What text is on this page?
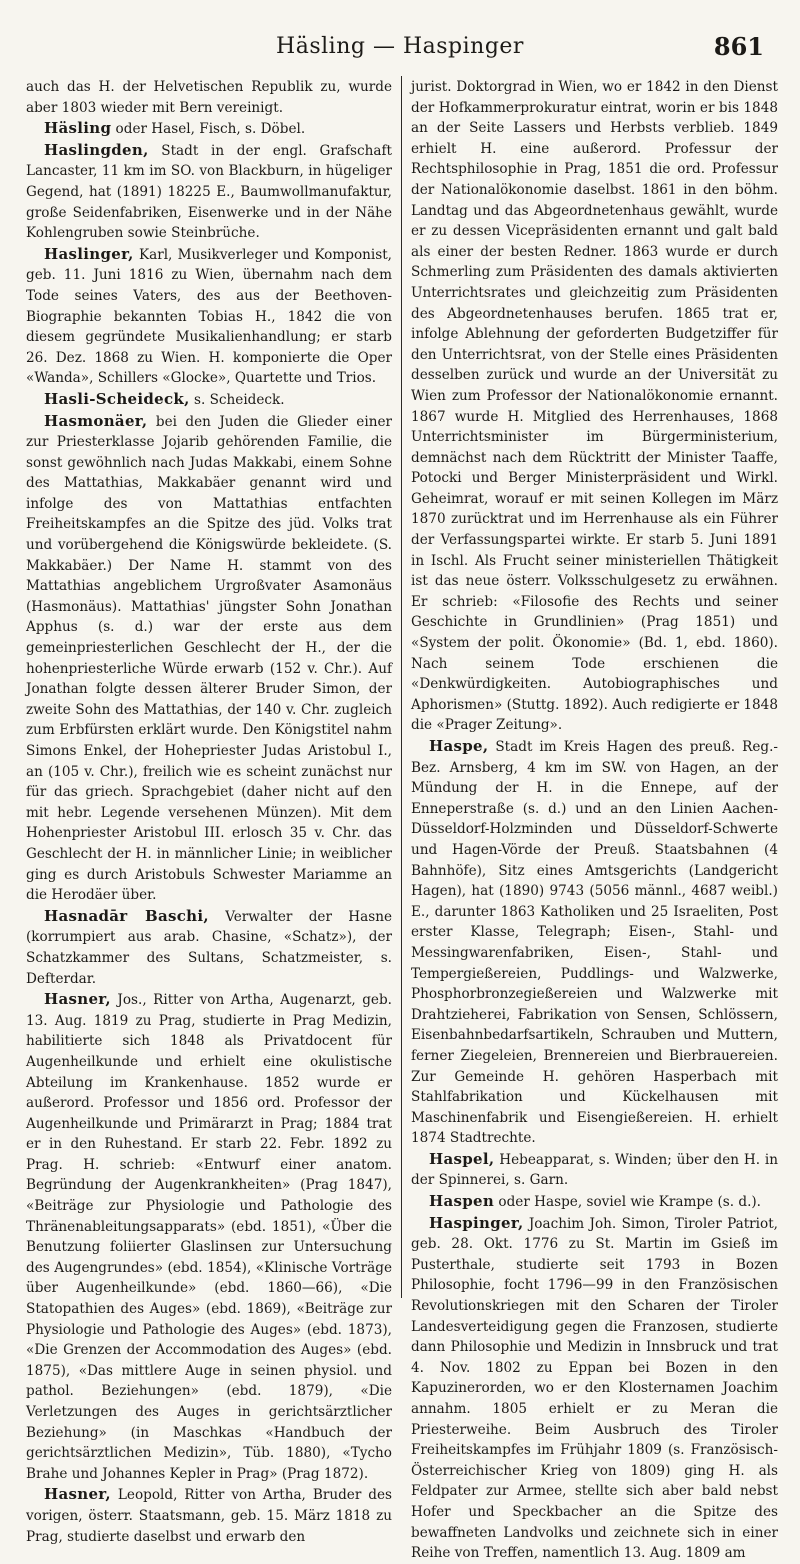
Häsling — Haspinger	861

auch das H. der Helvetischen Republik zu, wurde aber 1803 wieder mit Bern vereinigt.

Häsling oder Hasel, Fisch, s. Döbel.

Haslingden, Stadt in der engl. Grafschaft Lancaster, 11 km im SO. von Blackburn, in hügeliger Gegend, hat (1891) 18225 E., Baumwollmanufaktur, große Seidenfabriken, Eisenwerke und in der Nähe Kohlengruben sowie Steinbrüche.

Haslinger, Karl, Musikverleger und Komponist, geb. 11. Juni 1816 zu Wien, übernahm nach dem Tode seines Vaters, des aus der Beethoven-Biographie bekannten Tobias H., 1842 die von diesem gegründete Musikalienhandlung; er starb 26. Dez. 1868 zu Wien. H. komponierte die Oper «Wanda», Schillers «Glocke», Quartette und Trios.

Hasli-Scheideck, s. Scheideck.

Hasmonäer, bei den Juden die Glieder einer zur Priesterklasse Jojarib gehörenden Familie, die sonst gewöhnlich nach Judas Makkabi, einem Sohne des Mattathias, Makkabäer genannt wird und infolge des von Mattathias entfachten Freiheitskampfes an die Spitze des jüd. Volks trat und vorübergehend die Königswürde bekleidete. (S. Makkabäer.) Der Name H. stammt von des Mattathias angeblichem Urgroßvater Asamonäus (Hasmonäus). Mattathias' jüngster Sohn Jonathan Apphus (s. d.) war der erste aus dem gemeinpriesterlichen Geschlecht der H., der die hohenpriesterliche Würde erwarb (152 v. Chr.). Auf Jonathan folgte dessen älterer Bruder Simon, der zweite Sohn des Mattathias, der 140 v. Chr. zugleich zum Erbfürsten erklärt wurde. Den Königstitel nahm Simons Enkel, der Hohepriester Judas Aristobul I., an (105 v. Chr.), freilich wie es scheint zunächst nur für das griech. Sprachgebiet (daher nicht auf den mit hebr. Legende versehenen Münzen). Mit dem Hohenpriester Aristobul III. erlosch 35 v. Chr. das Geschlecht der H. in männlicher Linie; in weiblicher ging es durch Aristobuls Schwester Mariamme an die Herodäer über.

Hasnadār Baschi, Verwalter der Hasne (korrumpiert aus arab. Chasine, «Schatz»), der Schatzkammer des Sultans, Schatzmeister, s. Defterdar.

Hasner, Jos., Ritter von Artha, Augenarzt, geb. 13. Aug. 1819 zu Prag, studierte in Prag Medizin, habilitierte sich 1848 als Privatdocent für Augenheilkunde und erhielt eine okulistische Abteilung im Krankenhause. 1852 wurde er außerord. Professor und 1856 ord. Professor der Augenheilkunde und Primärarzt in Prag; 1884 trat er in den Ruhestand. Er starb 22. Febr. 1892 zu Prag. H. schrieb: «Entwurf einer anatom. Begründung der Augenkrankheiten» (Prag 1847), «Beiträge zur Physiologie und Pathologie des Thränenableitungsapparats» (ebd. 1851), «Über die Benutzung foliierter Glaslinsen zur Untersuchung des Augengrundes» (ebd. 1854), «Klinische Vorträge über Augenheilkunde» (ebd. 1860—66), «Die Statopathien des Auges» (ebd. 1869), «Beiträge zur Physiologie und Pathologie des Auges» (ebd. 1873), «Die Grenzen der Accommodation des Auges» (ebd. 1875), «Das mittlere Auge in seinen physiol. und pathol. Beziehungen» (ebd. 1879), «Die Verletzungen des Auges in gerichtsärztlicher Beziehung» (in Maschkas «Handbuch der gerichtsärztlichen Medizin», Tüb. 1880), «Tycho Brahe und Johannes Kepler in Prag» (Prag 1872).

Hasner, Leopold, Ritter von Artha, Bruder des vorigen, österr. Staatsmann, geb. 15. März 1818 zu Prag, studierte daselbst und erwarb den

jurist. Doktorgrad in Wien, wo er 1842 in den Dienst der Hofkammerprokuratur eintrat, worin er bis 1848 an der Seite Lassers und Herbsts verblieb. 1849 erhielt H. eine außerord. Professur der Rechtsphilosophie in Prag, 1851 die ord. Professur der Nationalökonomie daselbst. 1861 in den böhm. Landtag und das Abgeordnetenhaus gewählt, wurde er zu dessen Vicepräsidenten ernannt und galt bald als einer der besten Redner. 1863 wurde er durch Schmerling zum Präsidenten des damals aktivierten Unterrichtsrates und gleichzeitig zum Präsidenten des Abgeordnetenhauses berufen. 1865 trat er, infolge Ablehnung der geforderten Budgetziffer für den Unterrichtsrat, von der Stelle eines Präsidenten desselben zurück und wurde an der Universität zu Wien zum Professor der Nationalökonomie ernannt. 1867 wurde H. Mitglied des Herrenhauses, 1868 Unterrichtsminister im Bürgerministerium, demnächst nach dem Rücktritt der Minister Taaffe, Potocki und Berger Ministerpräsident und Wirkl. Geheimrat, worauf er mit seinen Kollegen im März 1870 zurücktrat und im Herrenhause als ein Führer der Verfassungspartei wirkte. Er starb 5. Juni 1891 in Ischl. Als Frucht seiner ministeriellen Thätigkeit ist das neue österr. Volksschulgesetz zu erwähnen. Er schrieb: «Filosofie des Rechts und seiner Geschichte in Grundlinien» (Prag 1851) und «System der polit. Ökonomie» (Bd. 1, ebd. 1860). Nach seinem Tode erschienen die «Denkwürdigkeiten. Autobiographisches und Aphorismen» (Stuttg. 1892). Auch redigierte er 1848 die «Prager Zeitung».

Haspe, Stadt im Kreis Hagen des preuß. Reg.-Bez. Arnsberg, 4 km im SW. von Hagen, an der Mündung der H. in die Ennepe, auf der Enneperstraße (s. d.) und an den Linien Aachen-Düsseldorf-Holzminden und Düsseldorf-Schwerte und Hagen-Vörde der Preuß. Staatsbahnen (4 Bahnhöfe), Sitz eines Amtsgerichts (Landgericht Hagen), hat (1890) 9743 (5056 männl., 4687 weibl.) E., darunter 1863 Katholiken und 25 Israeliten, Post erster Klasse, Telegraph; Eisen-, Stahl- und Messingwarenfabriken, Eisen-, Stahl- und Tempergießereien, Puddlings- und Walzwerke, Phosphorbronzegießereien und Walzwerke mit Drahtzieherei, Fabrikation von Sensen, Schlössern, Eisenbahnbedarfsartikeln, Schrauben und Muttern, ferner Ziegeleien, Brennereien und Bierbrauereien. Zur Gemeinde H. gehören Hasperbach mit Stahlfabrikation und Kückelhausen mit Maschinenfabrik und Eisengießereien. H. erhielt 1874 Stadtrechte.

Haspel, Hebeapparat, s. Winden; über den H. in der Spinnerei, s. Garn.

Haspen oder Haspe, soviel wie Krampe (s. d.).

Haspinger, Joachim Joh. Simon, Tiroler Patriot, geb. 28. Okt. 1776 zu St. Martin im Gsieß im Pusterthale, studierte seit 1793 in Bozen Philosophie, focht 1796—99 in den Französischen Revolutionskriegen mit den Scharen der Tiroler Landesverteidigung gegen die Franzosen, studierte dann Philosophie und Medizin in Innsbruck und trat 4. Nov. 1802 zu Eppan bei Bozen in den Kapuzinerorden, wo er den Klosternamen Joachim annahm. 1805 erhielt er zu Meran die Priesterweihe. Beim Ausbruch des Tiroler Freiheitskampfes im Frühjahr 1809 (s. Französisch-Österreichischer Krieg von 1809) ging H. als Feldpater zur Armee, stellte sich aber bald nebst Hofer und Speckbacher an die Spitze des bewaffneten Landvolks und zeichnete sich in einer Reihe von Treffen, namentlich 13. Aug. 1809 am
